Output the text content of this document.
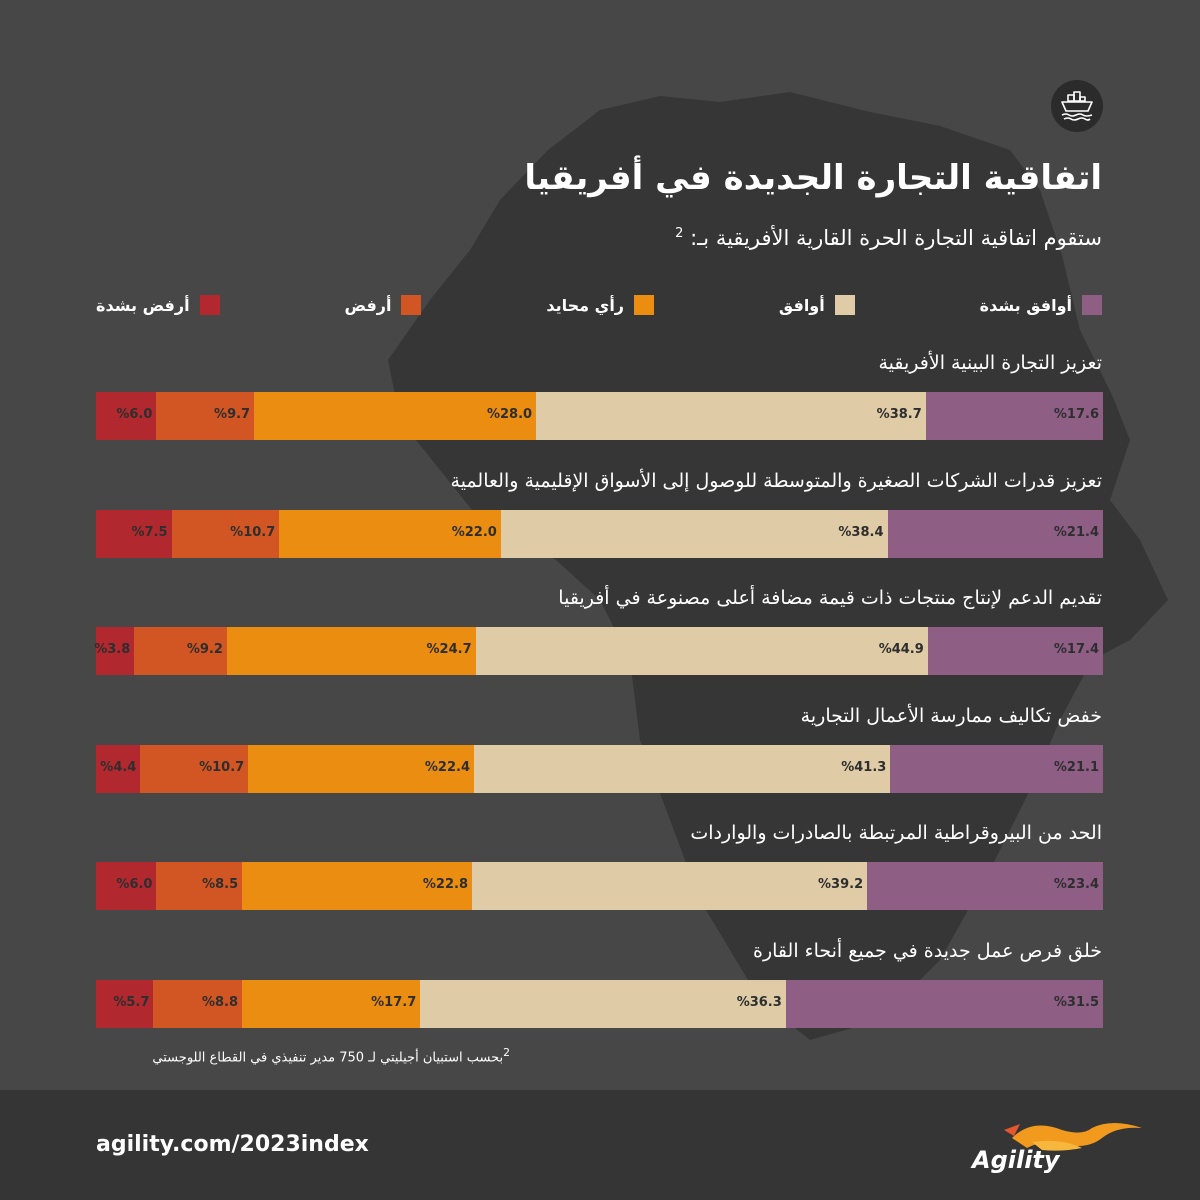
اتفاقية التجارة الجديدة في أفريقيا
ستقوم اتفاقية التجارة الحرة القارية الأفريقية بـ: $^2$
أوافق بشدة
أوافق
رأي محايد
أرفض
أرفض بشدة
تعزيز التجارة البينية الأفريقية
%17.6
%38.7
%28.0
%9.7
%6.0
تعزيز قدرات الشركات الصغيرة والمتوسطة للوصول إلى الأسواق الإقليمية والعالمية
%21.4
%38.4
%22.0
%10.7
%7.5
تقديم الدعم لإنتاج منتجات ذات قيمة مضافة أعلى مصنوعة في أفريقيا
%17.4
%44.9
%24.7
%9.2
%3.8
خفض تكاليف ممارسة الأعمال التجارية
%21.1
%41.3
%22.4
%10.7
%4.4
الحد من البيروقراطية المرتبطة بالصادرات والواردات
%23.4
%39.2
%22.8
%8.5
%6.0
خلق فرص عمل جديدة في جميع أنحاء القارة
%31.5
%36.3
%17.7
%8.8
%5.7
$^2$بحسب استبيان أجيليتي لـ 750 مدير تنفيذي في القطاع اللوجستي
agility.com/2023index
Agility
